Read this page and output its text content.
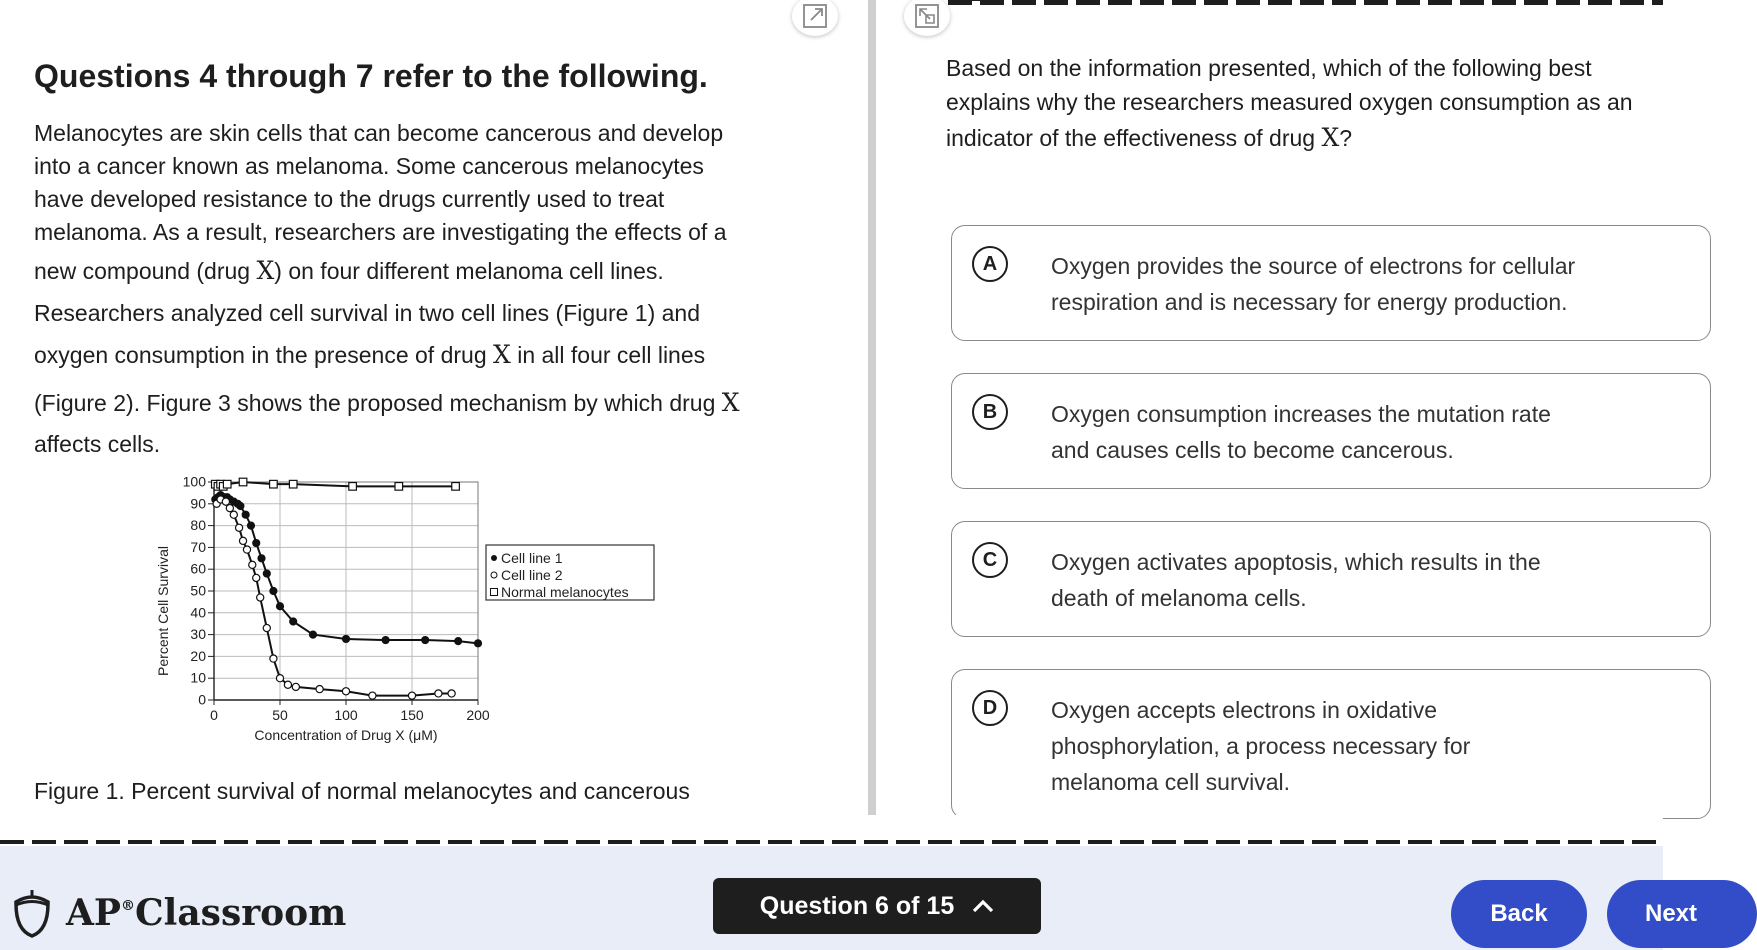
Questions 4 through 7 refer to the following.

Melanocytes are skin cells that can become cancerous and develop
into a cancer known as melanoma. Some cancerous melanocytes
have developed resistance to the drugs currently used to treat
melanoma. As a result, researchers are investigating the effects of a
new compound (drug X) on four different melanoma cell lines.
Researchers analyzed cell survival in two cell lines (Figure 1) and
oxygen consumption in the presence of drug X in all four cell lines
(Figure 2). Figure 3 shows the proposed mechanism by which drug X
affects cells.

0
10
20
30
40
50
60
70
80
90
100
0	50	100	150	200
Concentration of Drug X (μM)
Percent Cell Survival	Cell line 1
Cell line 2
Normal melanocytes

Figure 1. Percent survival of normal melanocytes and cancerous

Based on the information presented, which of the following best
explains why the researchers measured oxygen consumption as an
indicator of the effectiveness of drug X?

A	Oxygen provides the source of electrons for cellular
respiration and is necessary for energy production.
B	Oxygen consumption increases the mutation rate
and causes cells to become cancerous.
C	Oxygen activates apoptosis, which results in the
death of melanoma cells.
D	Oxygen accepts electrons in oxidative
phosphorylation, a process necessary for
melanoma cell survival.
AP®Classroom	Question 6 of 15	Back	Next
